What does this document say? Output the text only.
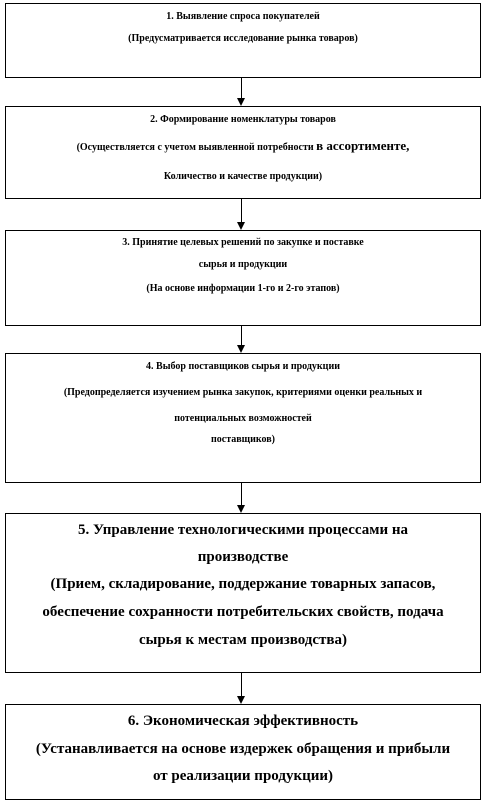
1. Выявление спроса покупателей
(Предусматривается исследование рынка товаров)
2. Формирование номенклатуры товаров
(Осуществляется с учетом выявленной потребности в ассортименте,
Количество и качестве продукции)
3. Принятие целевых решений по закупке и поставке
сырья и продукции
(На основе информации 1-го и 2-го этапов)
4. Выбор поставщиков сырья и продукции
(Предопределяется изучением рынка закупок, критериями оценки реальных и
потенциальных возможностей
поставщиков)
5. Управление технологическими процессами на
производстве
(Прием, складирование, поддержание товарных запасов,
обеспечение сохранности потребительских свойств, подача
сырья к местам производства)
6. Экономическая эффективность
(Устанавливается на основе издержек обращения и прибыли
от реализации продукции)
